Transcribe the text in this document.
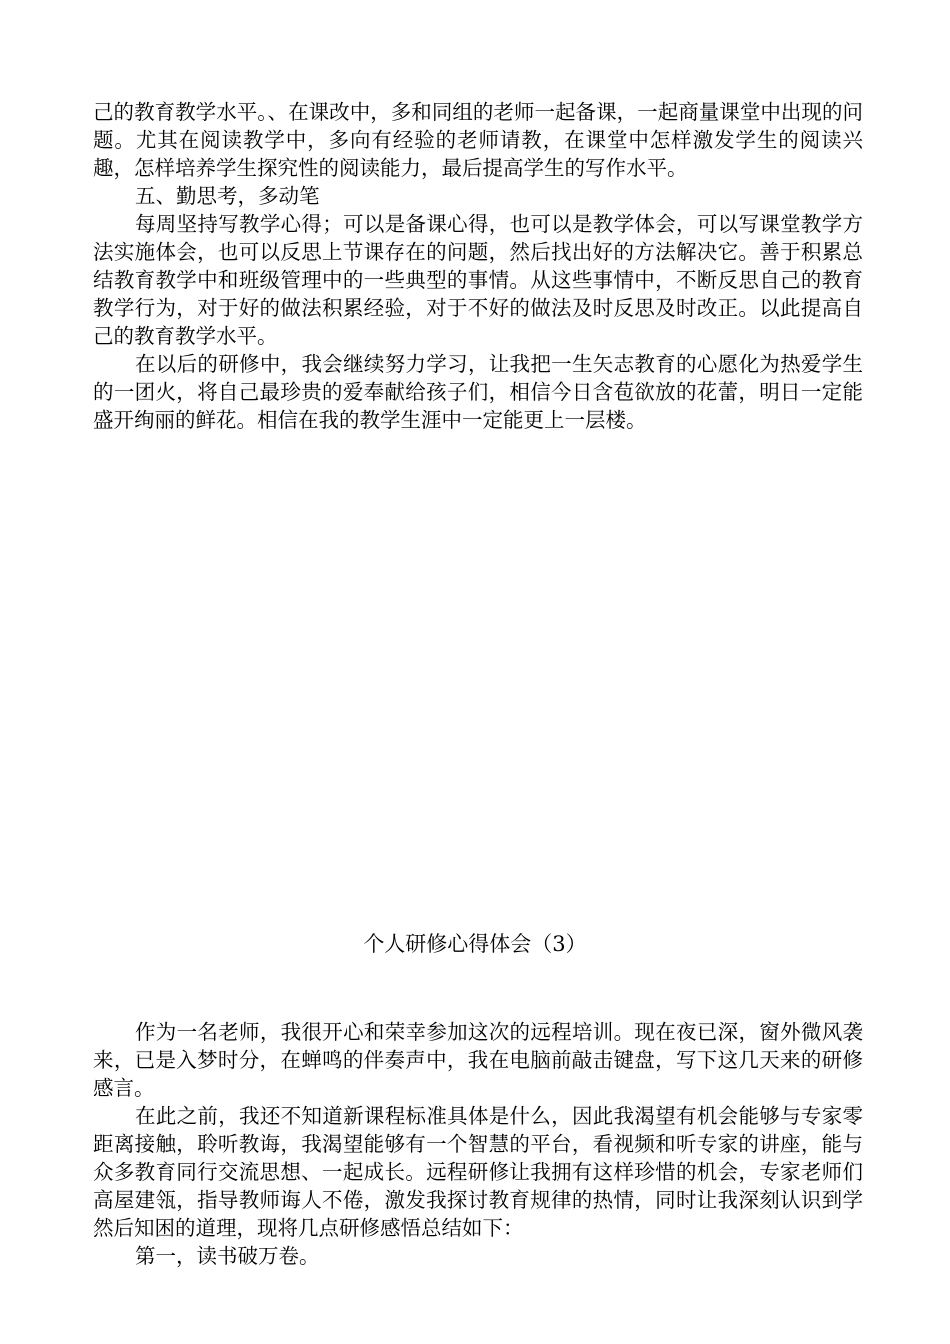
己的教育教学水平。、在课改中，多和同组的老师一起备课，一起商量课堂中出现的问题。尤其在阅读教学中，多向有经验的老师请教，在课堂中怎样激发学生的阅读兴趣，怎样培养学生探究性的阅读能力，最后提高学生的写作水平。

五、勤思考，多动笔

每周坚持写教学心得；可以是备课心得，也可以是教学体会，可以写课堂教学方法实施体会，也可以反思上节课存在的问题，然后找出好的方法解决它。善于积累总结教育教学中和班级管理中的一些典型的事情。从这些事情中，不断反思自己的教育教学行为，对于好的做法积累经验，对于不好的做法及时反思及时改正。以此提高自己的教育教学水平。

在以后的研修中，我会继续努力学习，让我把一生矢志教育的心愿化为热爱学生的一团火，将自己最珍贵的爱奉献给孩子们，相信今日含苞欲放的花蕾，明日一定能盛开绚丽的鲜花。相信在我的教学生涯中一定能更上一层楼。

个人研修心得体会（3）

作为一名老师，我很开心和荣幸参加这次的远程培训。现在夜已深，窗外微风袭来，已是入梦时分，在蝉鸣的伴奏声中，我在电脑前敲击键盘，写下这几天来的研修感言。

在此之前，我还不知道新课程标准具体是什么，因此我渴望有机会能够与专家零距离接触，聆听教诲，我渴望能够有一个智慧的平台，看视频和听专家的讲座，能与众多教育同行交流思想、一起成长。远程研修让我拥有这样珍惜的机会，专家老师们高屋建瓴，指导教师诲人不倦，激发我探讨教育规律的热情，同时让我深刻认识到学然后知困的道理，现将几点研修感悟总结如下：

第一，读书破万卷。
